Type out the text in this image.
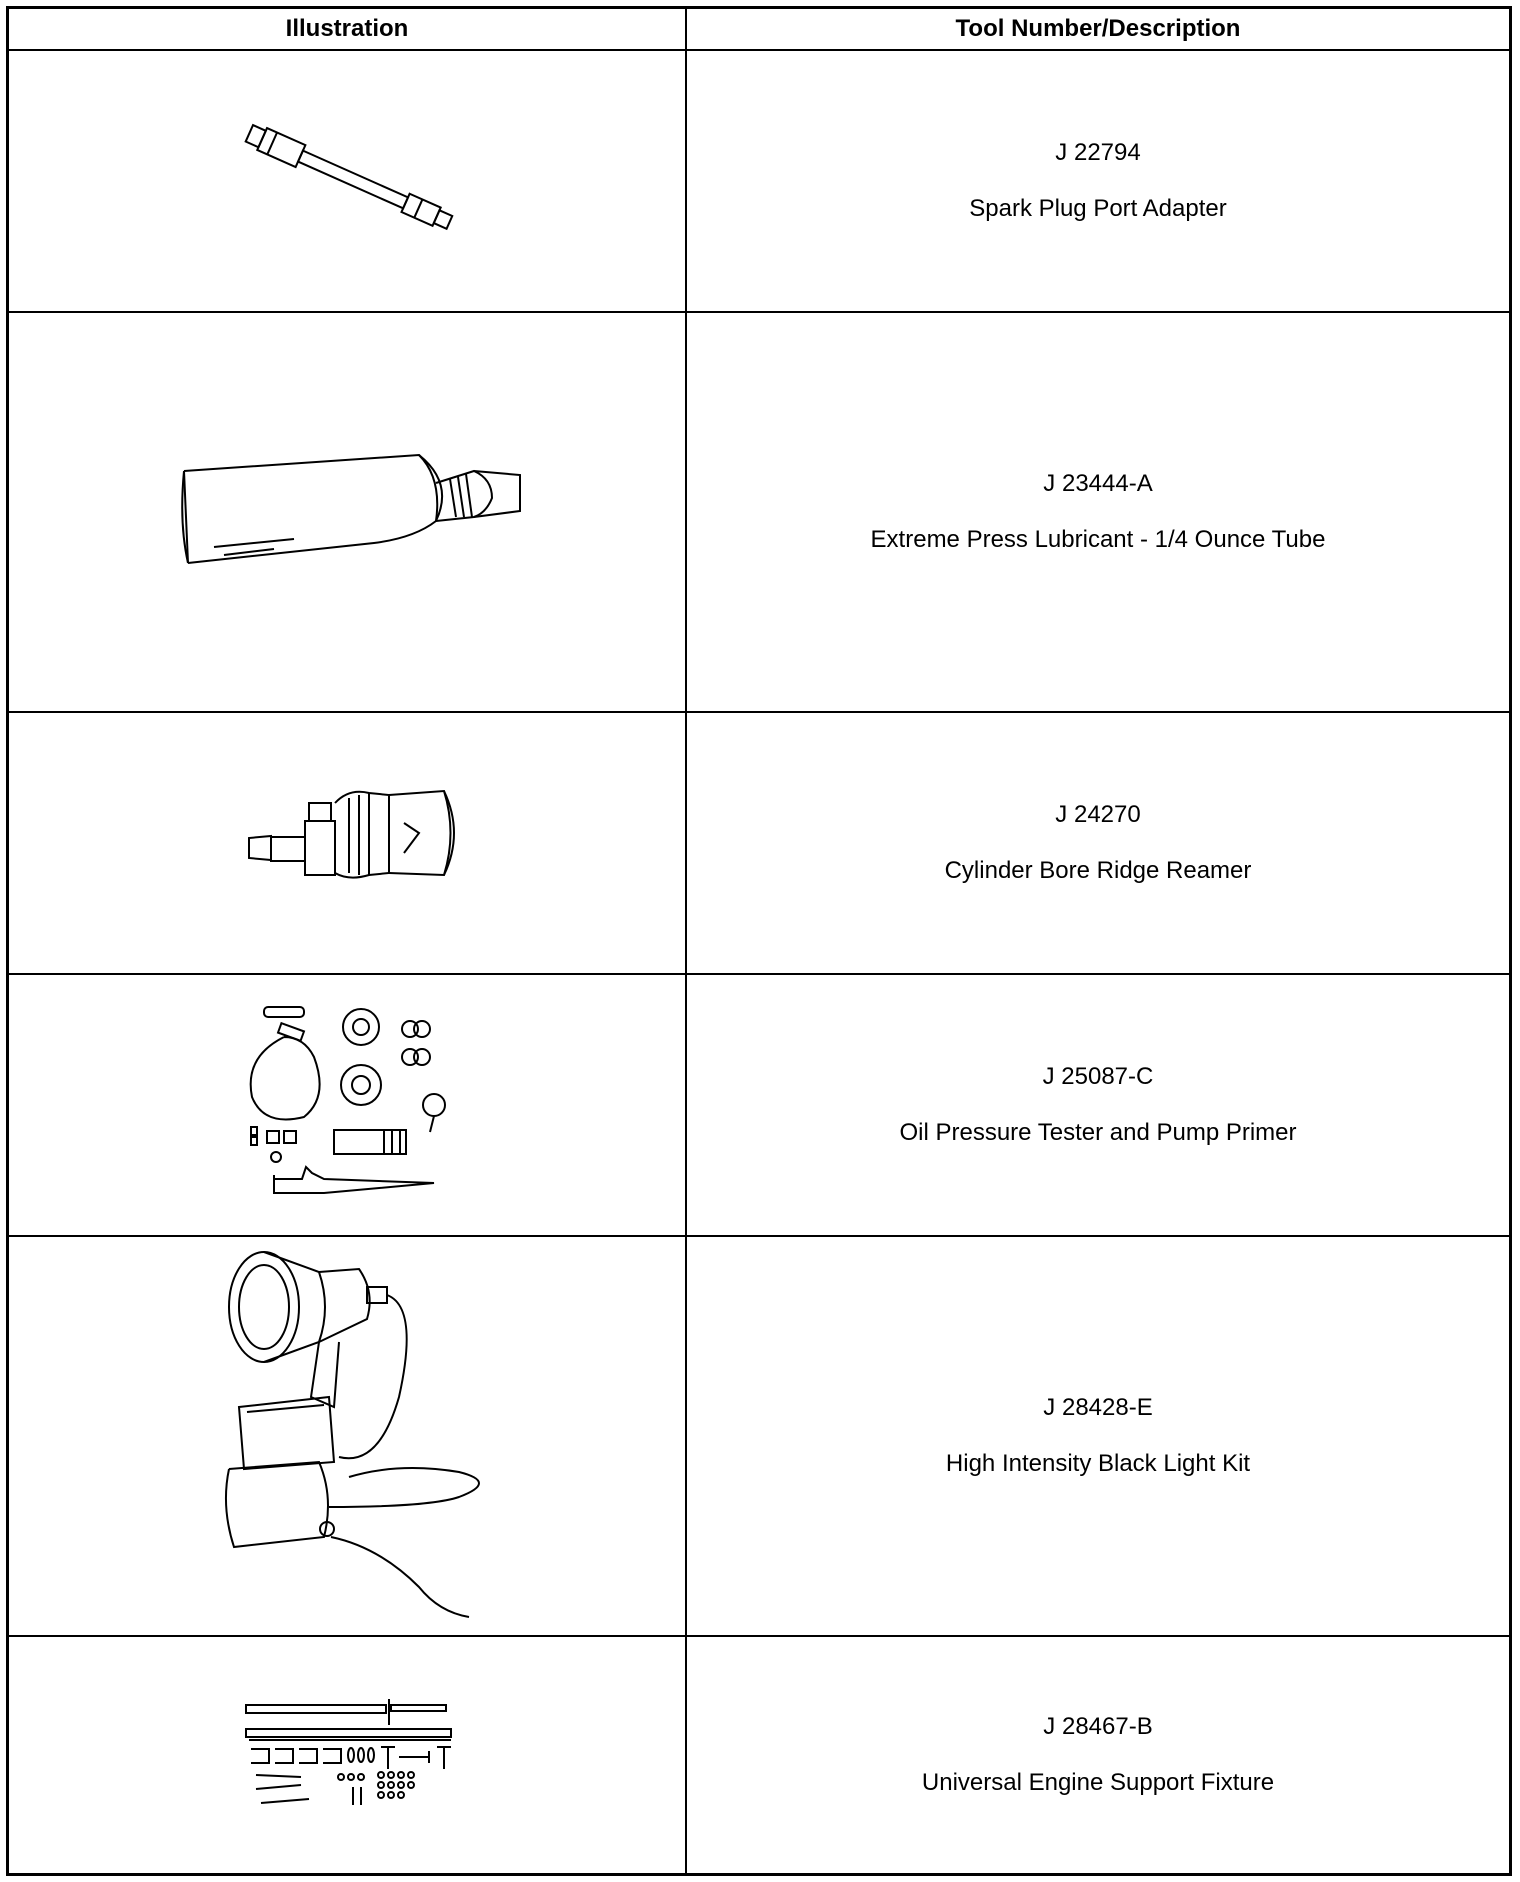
Illustration	Tool Number/Description
J 22794
Spark Plug Port Adapter
J 23444-A
Extreme Press Lubricant - 1/4 Ounce Tube
J 24270
Cylinder Bore Ridge Reamer
J 25087-C
Oil Pressure Tester and Pump Primer
J 28428-E
High Intensity Black Light Kit
J 28467-B
Universal Engine Support Fixture
